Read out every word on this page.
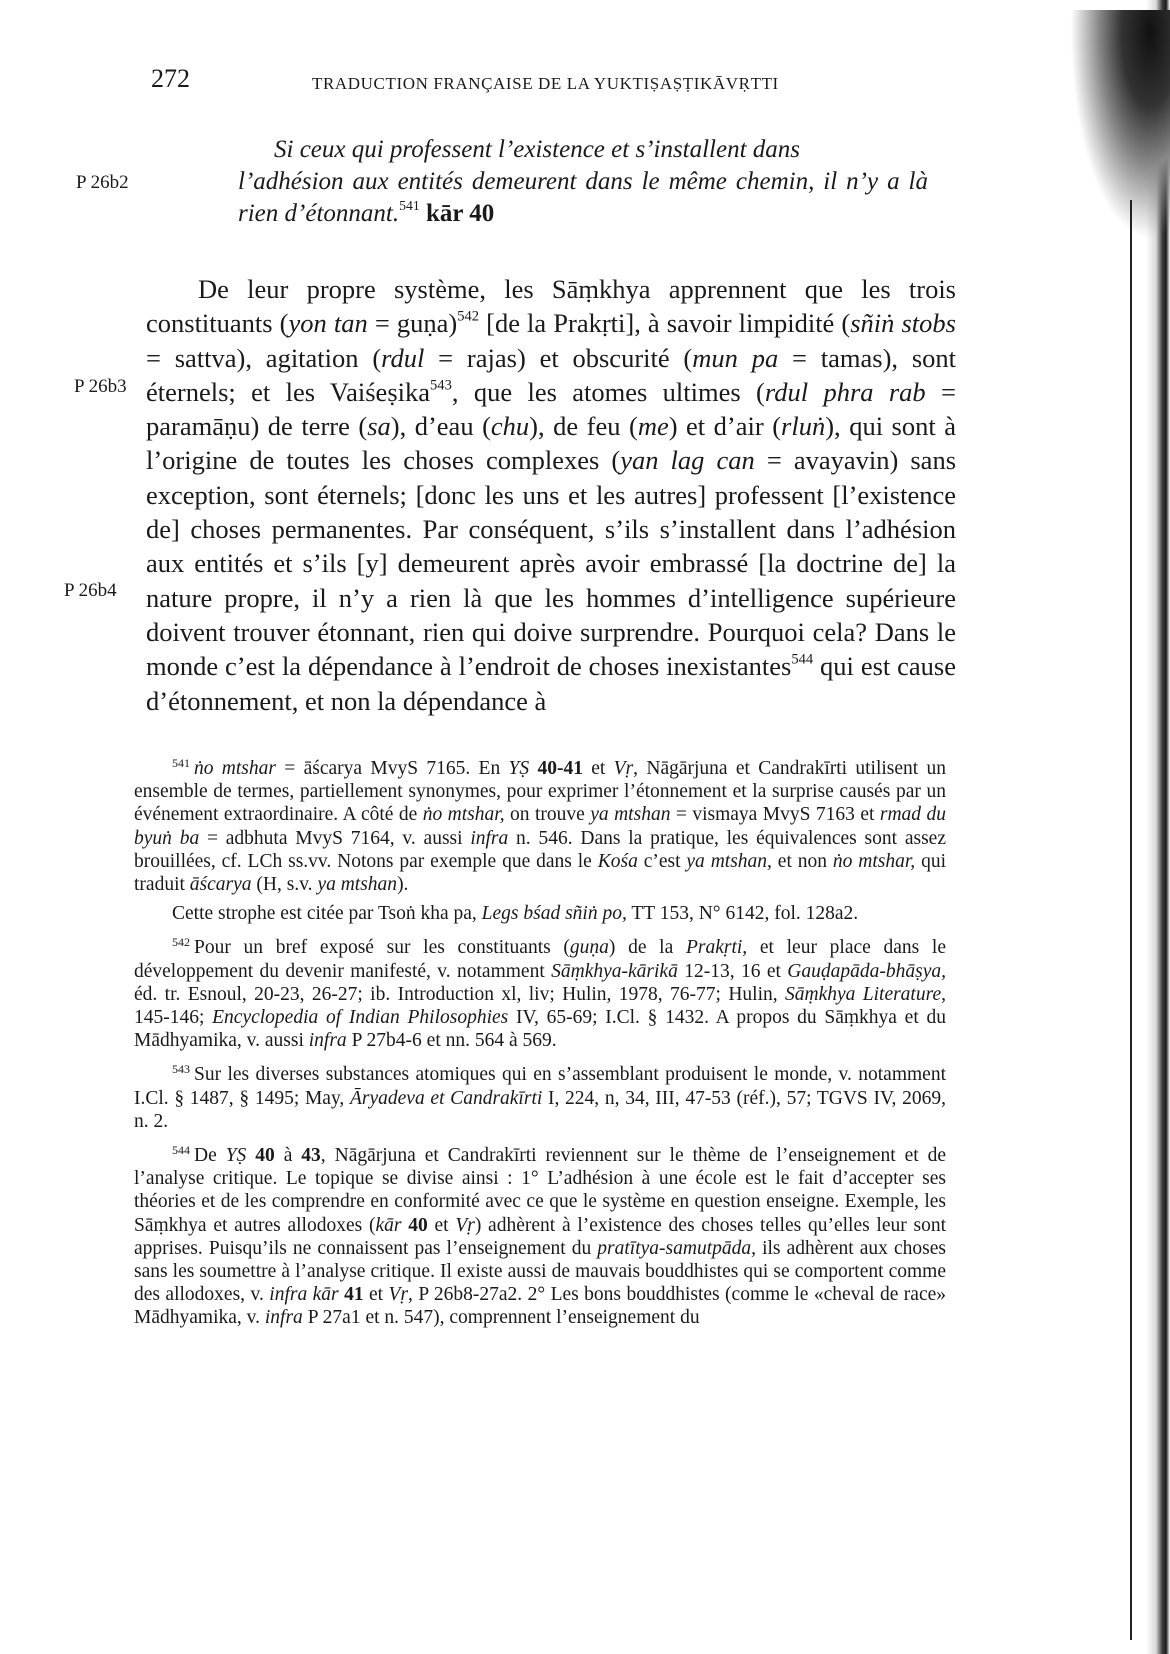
272	TRADUCTION FRANÇAISE DE LA YUKTIṢAṢṬIKĀVṚTTI
P 26b2
P 26b3
P 26b4
Si ceux qui professent l’existence et s’installent dans
l’adhésion aux entités demeurent dans le même chemin, il n’y a là rien d’étonnant.$^{541}$ kār 40

De leur propre système, les Sāṃkhya apprennent que les trois constituants (yon tan = guṇa)$^{542}$ [de la Prakṛti], à savoir limpidité (sñiṅ stobs = sattva), agitation (rdul = rajas) et obscurité (mun pa = tamas), sont éternels; et les Vaiśeṣika$^{543}$, que les atomes ultimes (rdul phra rab = paramāṇu) de terre (sa), d’eau (chu), de feu (me) et d’air (rluṅ), qui sont à l’origine de toutes les choses complexes (yan lag can = avayavin) sans exception, sont éternels; [donc les uns et les autres] professent [l’existence de] choses permanentes. Par conséquent, s’ils s’installent dans l’adhésion aux entités et s’ils [y] demeurent après avoir embrassé [la doctrine de] la nature propre, il n’y a rien là que les hommes d’intelligence supérieure doivent trouver étonnant, rien qui doive surprendre. Pourquoi cela? Dans le monde c’est la dépendance à l’endroit de choses inexistantes$^{544}$ qui est cause d’étonnement, et non la dépendance à

$^{541}$ ṅo mtshar = āścarya MvyS 7165. En YṢ 40-41 et Vṛ, Nāgārjuna et Candrakīrti utilisent un ensemble de termes, partiellement synonymes, pour exprimer l’étonnement et la surprise causés par un événement extraordinaire. A côté de ṅo mtshar, on trouve ya mtshan = vismaya MvyS 7163 et rmad du byuṅ ba = adbhuta MvyS 7164, v. aussi infra n. 546. Dans la pratique, les équivalences sont assez brouillées, cf. LCh ss.vv. Notons par exemple que dans le Kośa c’est ya mtshan, et non ṅo mtshar, qui traduit āścarya (H, s.v. ya mtshan).

Cette strophe est citée par Tsoṅ kha pa, Legs bśad sñiṅ po, TT 153, N° 6142, fol. 128a2.

$^{542}$ Pour un bref exposé sur les constituants (guṇa) de la Prakṛti, et leur place dans le développement du devenir manifesté, v. notamment Sāṃkhya-kārikā 12-13, 16 et Gauḍapāda-bhāṣya, éd. tr. Esnoul, 20-23, 26-27; ib. Introduction xl, liv; Hulin, 1978, 76-77; Hulin, Sāṃkhya Literature, 145-146; Encyclopedia of Indian Philosophies IV, 65-69; I.Cl. § 1432. A propos du Sāṃkhya et du Mādhyamika, v. aussi infra P 27b4-6 et nn. 564 à 569.

$^{543}$ Sur les diverses substances atomiques qui en s’assemblant produisent le monde, v. notamment I.Cl. § 1487, § 1495; May, Āryadeva et Candrakīrti I, 224, n, 34, III, 47-53 (réf.), 57; TGVS IV, 2069, n. 2.

$^{544}$ De YṢ 40 à 43, Nāgārjuna et Candrakīrti reviennent sur le thème de l’enseignement et de l’analyse critique. Le topique se divise ainsi : 1° L’adhésion à une école est le fait d’accepter ses théories et de les comprendre en conformité avec ce que le système en question enseigne. Exemple, les Sāṃkhya et autres allodoxes (kār 40 et Vṛ) adhèrent à l’existence des choses telles qu’elles leur sont apprises. Puisqu’ils ne connaissent pas l’enseignement du pratītya-samutpāda, ils adhèrent aux choses sans les soumettre à l’analyse critique. Il existe aussi de mauvais bouddhistes qui se comportent comme des allodoxes, v. infra kār 41 et Vṛ, P 26b8-27a2. 2° Les bons bouddhistes (comme le «cheval de race» Mādhyamika, v. infra P 27a1 et n. 547), comprennent l’enseignement du
